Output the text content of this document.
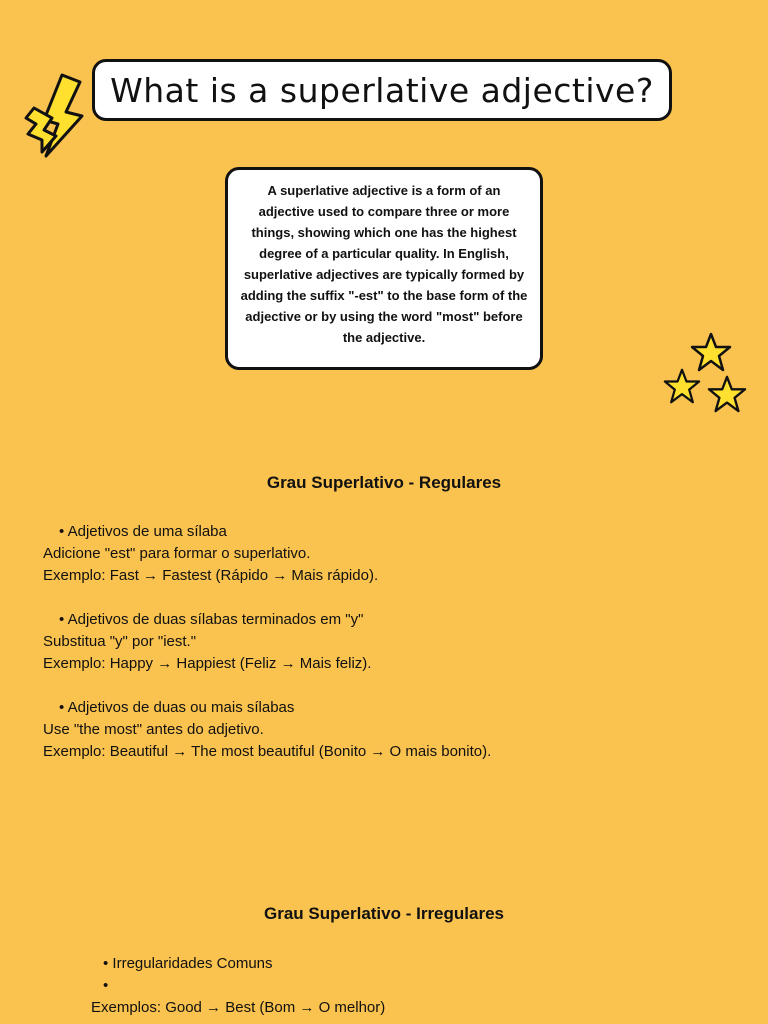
What is a superlative adjective?
A superlative adjective is a form of an adjective used to compare three or more things, showing which one has the highest degree of a particular quality. In English, superlative adjectives are typically formed by adding the suffix "-est" to the base form of the adjective or by using the word "most" before the adjective.
Grau Superlativo - Regulares
• Adjetivos de uma sílaba
Adicione "est" para formar o superlativo.
Exemplo: Fast → Fastest (Rápido → Mais rápido).
• Adjetivos de duas sílabas terminados em "y"
Substitua "y" por "iest."
Exemplo: Happy → Happiest (Feliz → Mais feliz).
• Adjetivos de duas ou mais sílabas
Use "the most" antes do adjetivo.
Exemplo: Beautiful → The most beautiful (Bonito → O mais bonito).
Grau Superlativo - Irregulares
• Irregularidades Comuns
•
Exemplos: Good → Best (Bom → O melhor)
